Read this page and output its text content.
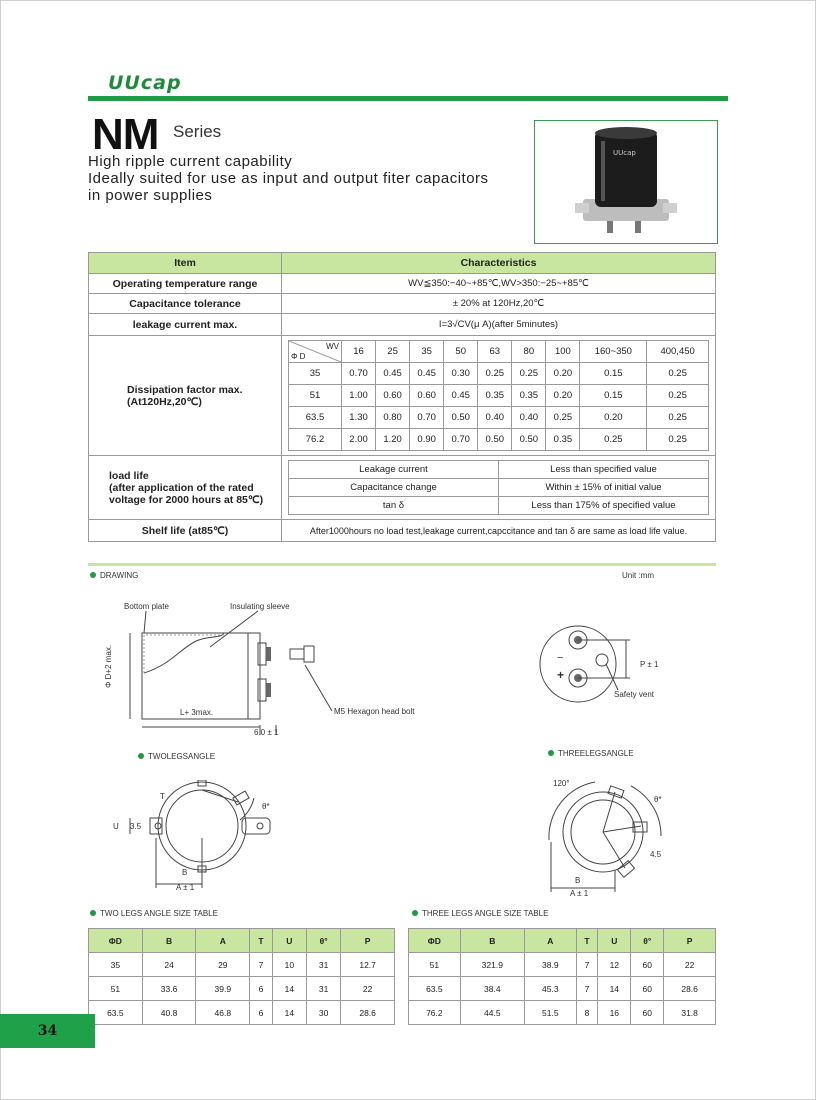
UUcap
NM Series
High ripple current capability
Ideally suited for use as input and output fiter capacitors
in power supplies
UUcap
Item	Characteristics
Operating temperature range	WV≦350:−40~+85℃,WV>350:−25~+85℃
Capacitance tolerance	± 20% at 120Hz,20℃
leakage current max.	I=3√CV(μ A)(after 5minutes)

Dissipation factor max.
(At120Hz,20℃)

WV
Φ D	16	25	35	50	63	80	100	160~350	400,450
35	0.70	0.45	0.45	0.30	0.25	0.25	0.20	0.15	0.25
51	1.00	0.60	0.60	0.45	0.35	0.35	0.20	0.15	0.25
63.5	1.30	0.80	0.70	0.50	0.40	0.40	0.25	0.20	0.25
76.2	2.00	1.20	0.90	0.70	0.50	0.50	0.35	0.25	0.25

load life
(after application of the rated
voltage for 2000 hours at 85℃)

Leakage current	Less than specified value
Capacitance change	Within ± 15% of initial value
tan δ	Less than 175% of specified value

Shelf life (at85℃)	After1000hours no load test,leakage current,capccitance and tan δ are same as load life value.
DRAWING	Unit :mm
Bottom plate	Insulating sleeve
Φ D+2 max.
L+ 3max.	M5 Hexagon head bolt
6.0 ± 1
−
+
P ± 1
Safety vent
TWOLEGSANGLE	THREELEGSANGLE
T
U 3.5
B
A ± 1
θ*
120°
θ*
4.5
B
A ± 1
TWO LEGS ANGLE SIZE TABLE	THREE LEGS ANGLE SIZE TABLE
ΦD	B	A	T	U	θ°	P
35	24	29	7	10	31	12.7
51	33.6	39.9	6	14	31	22
63.5	40.8	46.8	6	14	30	28.6
ΦD	B	A	T	U	θ°	P
51	321.9	38.9	7	12	60	22
63.5	38.4	45.3	7	14	60	28.6
76.2	44.5	51.5	8	16	60	31.8
34
